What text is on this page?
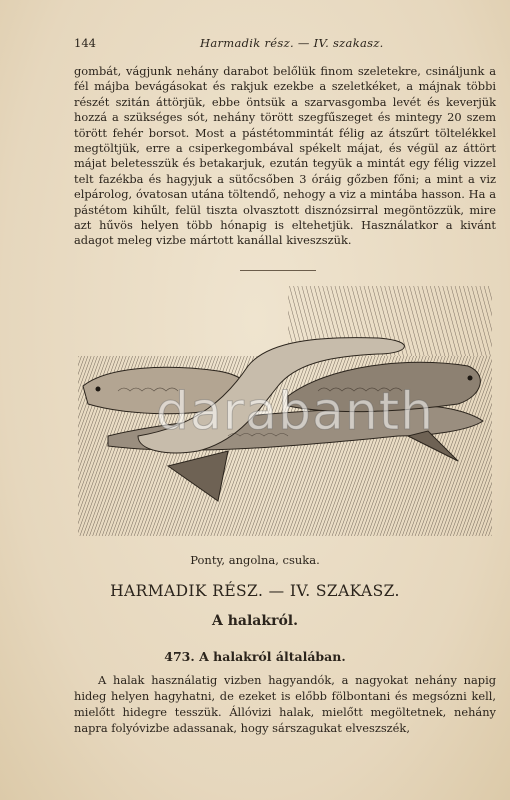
144	Harmadik rész. — IV. szakasz.

gombát, vágjunk nehány darabot belőlük finom szeletekre, csináljunk a fél májba bevágásokat és rakjuk ezekbe a szeletkéket, a májnak többi részét szitán áttörjük, ebbe öntsük a szarvasgomba levét és keverjük hozzá a szükséges sót, nehány törött szegfűszeget és mintegy 20 szem törött fehér borsot. Most a pástétommintát félig az átszűrt töltelékkel megtöltjük, erre a csiperkegombával spékelt májat, és végül az áttört májat beletesszük és betakarjuk, ezután tegyük a mintát egy félig vizzel telt fazékba és hagyjuk a sütőcsőben 3 óráig gőzben főni; a mint a viz elpárolog, óvatosan utána töltendő, nehogy a viz a mintába hasson. Ha a pástétom kihűlt, felül tiszta olvasztott disznózsirral megöntözzük, mire azt hűvös helyen több hónapig is eltehetjük. Használatkor a kivánt adagot meleg vizbe mártott kanállal kiveszszük.

darabanth
Ponty, angolna, csuka.
HARMADIK RÉSZ. — IV. SZAKASZ.
A halakról.
473. A halakról általában.

A halak használatig vizben hagyandók, a nagyokat nehány napig hideg helyen hagyhatni, de ezeket is előbb fölbontani és megsózni kell, mielőtt hidegre tesszük. Állóvizi halak, mielőtt megöltetnek, nehány napra folyóvizbe adassanak, hogy sárszagukat elveszszék,
